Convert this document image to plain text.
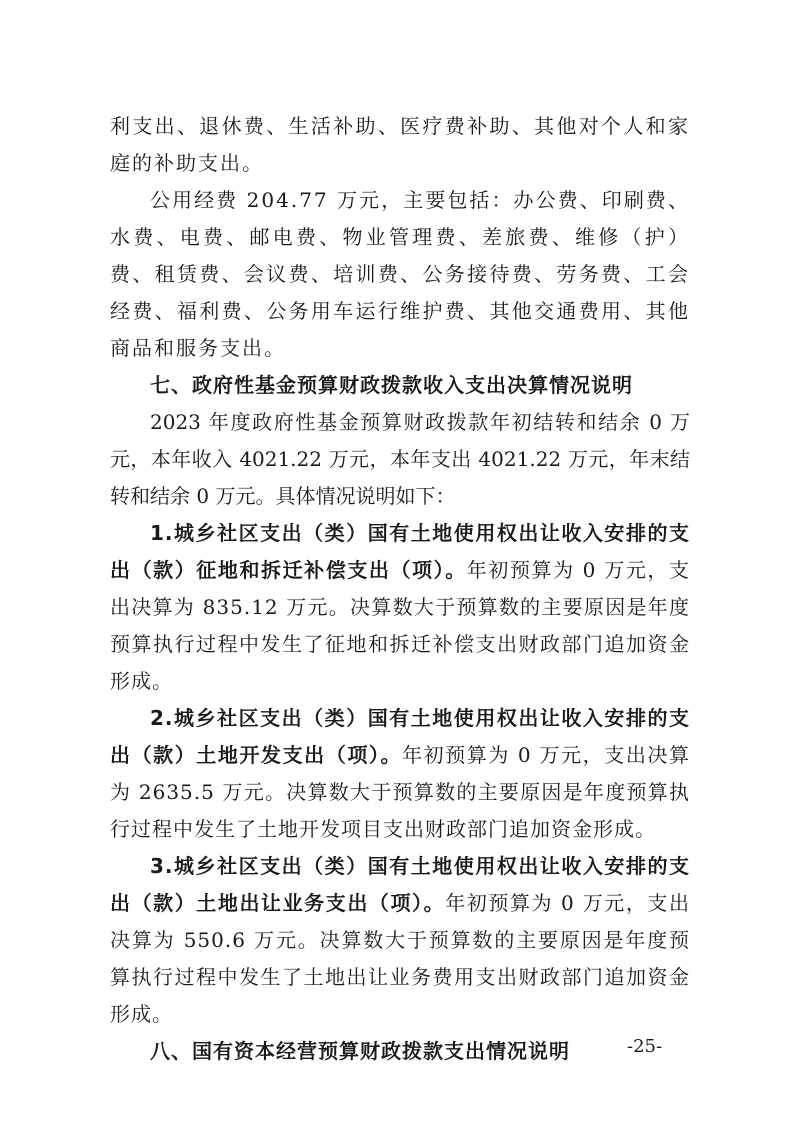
利支出、退休费、生活补助、医疗费补助、其他对个人和家庭的补助支出。

公用经费 204.77 万元，主要包括：办公费、印刷费、水费、电费、邮电费、物业管理费、差旅费、维修（护）费、租赁费、会议费、培训费、公务接待费、劳务费、工会经费、福利费、公务用车运行维护费、其他交通费用、其他商品和服务支出。

七、政府性基金预算财政拨款收入支出决算情况说明

2023 年度政府性基金预算财政拨款年初结转和结余 0 万元，本年收入 4021.22 万元，本年支出 4021.22 万元，年末结转和结余 0 万元。具体情况说明如下：

1.城乡社区支出（类）国有土地使用权出让收入安排的支出（款）征地和拆迁补偿支出（项）。年初预算为 0 万元，支出决算为 835.12 万元。决算数大于预算数的主要原因是年度预算执行过程中发生了征地和拆迁补偿支出财政部门追加资金形成。

2.城乡社区支出（类）国有土地使用权出让收入安排的支出（款）土地开发支出（项）。年初预算为 0 万元，支出决算为 2635.5 万元。决算数大于预算数的主要原因是年度预算执行过程中发生了土地开发项目支出财政部门追加资金形成。

3.城乡社区支出（类）国有土地使用权出让收入安排的支出（款）土地出让业务支出（项）。年初预算为 0 万元，支出决算为 550.6 万元。决算数大于预算数的主要原因是年度预算执行过程中发生了土地出让业务费用支出财政部门追加资金形成。

八、国有资本经营预算财政拨款支出情况说明	-25-
